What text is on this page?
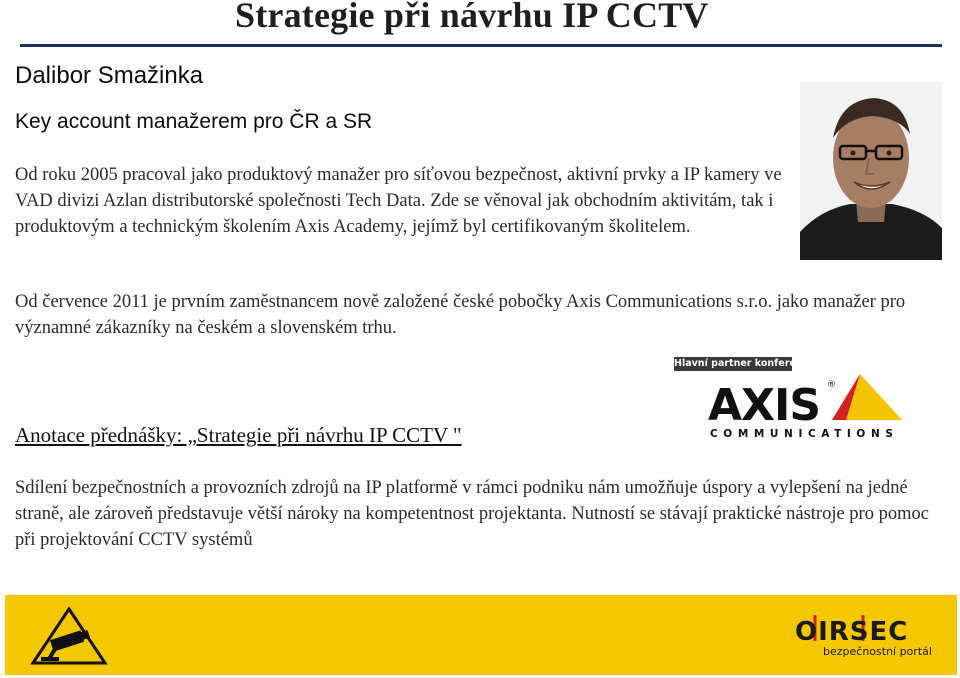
Strategie při návrhu IP CCTV
Dalibor Smažinka
Key account manažerem pro ČR a SR

Od roku 2005 pracoval jako produktový manažer pro síťovou bezpečnost, aktivní prvky a IP kamery ve VAD divizi Azlan distributorské společnosti Tech Data. Zde se věnoval jak obchodním aktivitám, tak i produktovým a technickým školením Axis Academy, jejímž byl certifikovaným školitelem.

Od července 2011 je prvním zaměstnancem nově založené české pobočky Axis Communications s.r.o. jako manažer pro významné zákazníky na českém a slovenském trhu.

Hlavní partner konference
AXIS ®
COMMUNICATIONS
Anotace přednášky: „Strategie při návrhu IP CCTV "

Sdílení bezpečnostních a provozních zdrojů na IP platformě v rámci podniku nám umožňuje úspory a vylepšení na jedné straně, ale zároveň představuje větší nároky na kompetentnost projektanta. Nutností se stávají praktické nástroje pro pomoc při projektování CCTV systémů

OIRSEC
bezpečnostní portál
